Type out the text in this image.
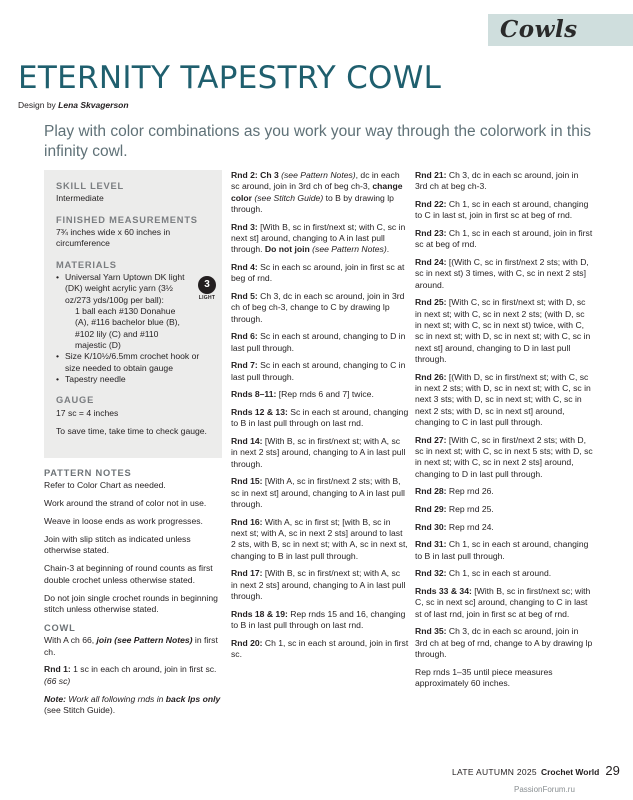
Cowls
ETERNITY TAPESTRY COWL
Design by Lena Skvagerson
Play with color combinations as you work your way through the colorwork in this infinity cowl.
SKILL LEVEL
Intermediate
FINISHED MEASUREMENTS
7¾ inches wide x 60 inches in circumference
MATERIALS
• Universal Yarn Uptown DK light (DK) weight acrylic yarn (3½ oz/273 yds/100g per ball):
1 ball each #130 Donahue (A), #116 bachelor blue (B), #102 lily (C) and #110 majestic (D)
• Size K/10½/6.5mm crochet hook or size needed to obtain gauge
• Tapestry needle
3
LIGHT
GAUGE
17 sc = 4 inches
To save time, take time to check gauge.
PATTERN NOTES

Refer to Color Chart as needed.

Work around the strand of color not in use.

Weave in loose ends as work progresses.

Join with slip stitch as indicated unless otherwise stated.

Chain-3 at beginning of round counts as first double crochet unless otherwise stated.

Do not join single crochet rounds in beginning stitch unless otherwise stated.

COWL

With A ch 66, join (see Pattern Notes) in first ch.

Rnd 1: 1 sc in each ch around, join in first sc. (66 sc)

Note: Work all following rnds in back lps only (see Stitch Guide).

Rnd 2: Ch 3 (see Pattern Notes), dc in each sc around, join in 3rd ch of beg ch-3, change color (see Stitch Guide) to B by drawing lp through.

Rnd 3: [With B, sc in first/next st; with C, sc in next st] around, changing to A in last pull through. Do not join (see Pattern Notes).

Rnd 4: Sc in each sc around, join in first sc at beg of rnd.

Rnd 5: Ch 3, dc in each sc around, join in 3rd ch of beg ch-3, change to C by drawing lp through.

Rnd 6: Sc in each st around, changing to D in last pull through.

Rnd 7: Sc in each st around, changing to C in last pull through.

Rnds 8–11: [Rep rnds 6 and 7] twice.

Rnds 12 & 13: Sc in each st around, changing to B in last pull through on last rnd.

Rnd 14: [With B, sc in first/next st; with A, sc in next 2 sts] around, changing to A in last pull through.

Rnd 15: [With A, sc in first/next 2 sts; with B, sc in next st] around, changing to A in last pull through.

Rnd 16: With A, sc in first st; [with B, sc in next st; with A, sc in next 2 sts] around to last 2 sts, with B, sc in next st; with A, sc in next st, changing to B in last pull through.

Rnd 17: [With B, sc in first/next st; with A, sc in next 2 sts] around, changing to A in last pull through.

Rnds 18 & 19: Rep rnds 15 and 16, changing to B in last pull through on last rnd.

Rnd 20: Ch 1, sc in each st around, join in first sc.

Rnd 21: Ch 3, dc in each sc around, join in 3rd ch at beg ch-3.

Rnd 22: Ch 1, sc in each st around, changing to C in last st, join in first sc at beg of rnd.

Rnd 23: Ch 1, sc in each st around, join in first sc at beg of rnd.

Rnd 24: [(With C, sc in first/next 2 sts; with D, sc in next st) 3 times, with C, sc in next 2 sts] around.

Rnd 25: [With C, sc in first/next st; with D, sc in next st; with C, sc in next 2 sts; (with D, sc in next st; with C, sc in next st) twice, with C, sc in next st; with D, sc in next st; with C, sc in next st] around, changing to D in last pull through.

Rnd 26: [(With D, sc in first/next st; with C, sc in next 2 sts; with D, sc in next st; with C, sc in next 3 sts; with D, sc in next st; with C, sc in next 2 sts; with D, sc in next st] around, changing to C in last pull through.

Rnd 27: [With C, sc in first/next 2 sts; with D, sc in next st; with C, sc in next 5 sts; with D, sc in next st; with C, sc in next 2 sts] around, changing to D in last pull through.

Rnd 28: Rep rnd 26.

Rnd 29: Rep rnd 25.

Rnd 30: Rep rnd 24.

Rnd 31: Ch 1, sc in each st around, changing to B in last pull through.

Rnd 32: Ch 1, sc in each st around.

Rnds 33 & 34: [With B, sc in first/next sc; with C, sc in next sc] around, changing to C in last st of last rnd, join in first sc at beg of rnd.

Rnd 35: Ch 3, dc in each sc around, join in 3rd ch at beg of rnd, change to A by drawing lp through.

Rep rnds 1–35 until piece measures approximately 60 inches.

LATE AUTUMN 2025 Crochet World 29
PassionForum.ru
